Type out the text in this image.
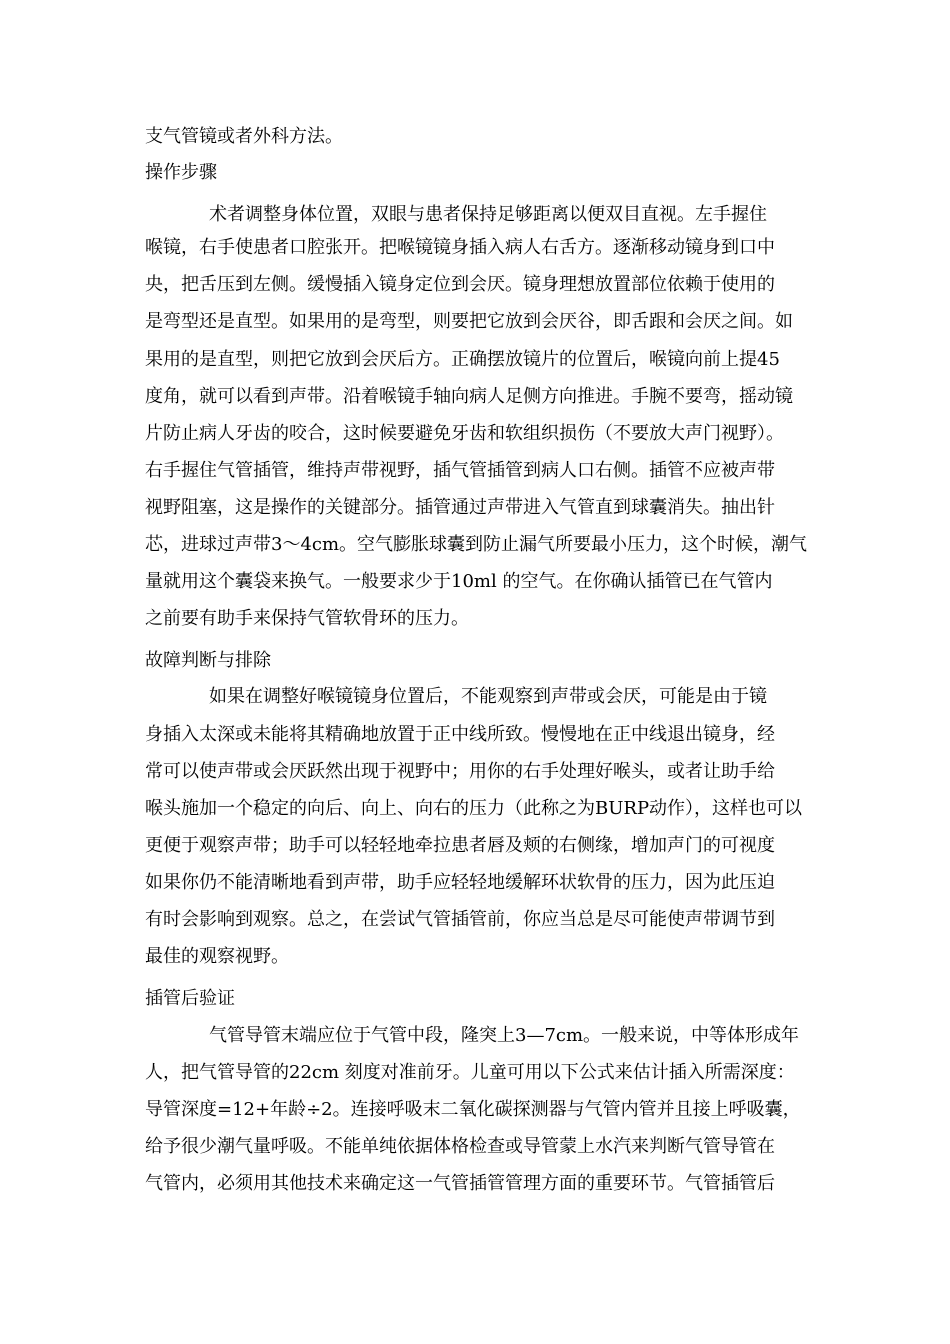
支气管镜或者外科方法。
操作步骤
术者调整身体位置，双眼与患者保持足够距离以便双目直视。左手握住
喉镜，右手使患者口腔张开。把喉镜镜身插入病人右舌方。逐渐移动镜身到口中
央，把舌压到左侧。缓慢插入镜身定位到会厌。镜身理想放置部位依赖于使用的
是弯型还是直型。如果用的是弯型，则要把它放到会厌谷，即舌跟和会厌之间。如
果用的是直型，则把它放到会厌后方。正确摆放镜片的位置后，喉镜向前上提45
度角，就可以看到声带。沿着喉镜手轴向病人足侧方向推进。手腕不要弯，摇动镜
片防止病人牙齿的咬合，这时候要避免牙齿和软组织损伤（不要放大声门视野）。
右手握住气管插管，维持声带视野，插气管插管到病人口右侧。插管不应被声带
视野阻塞，这是操作的关键部分。插管通过声带进入气管直到球囊消失。抽出针
芯，进球过声带3～4cm。空气膨胀球囊到防止漏气所要最小压力，这个时候，潮气
量就用这个囊袋来换气。一般要求少于10ml 的空气。在你确认插管已在气管内
之前要有助手来保持气管软骨环的压力。
故障判断与排除
如果在调整好喉镜镜身位置后，不能观察到声带或会厌，可能是由于镜
身插入太深或未能将其精确地放置于正中线所致。慢慢地在正中线退出镜身，经
常可以使声带或会厌跃然出现于视野中；用你的右手处理好喉头，或者让助手给
喉头施加一个稳定的向后、向上、向右的压力（此称之为BURP动作），这样也可以
更便于观察声带；助手可以轻轻地牵拉患者唇及颊的右侧缘，增加声门的可视度
如果你仍不能清晰地看到声带，助手应轻轻地缓解环状软骨的压力，因为此压迫
有时会影响到观察。总之，在尝试气管插管前，你应当总是尽可能使声带调节到
最佳的观察视野。
插管后验证
气管导管末端应位于气管中段，隆突上3—7cm。一般来说，中等体形成年
人，把气管导管的22cm 刻度对准前牙。儿童可用以下公式来估计插入所需深度：
导管深度=12+年龄÷2。连接呼吸末二氧化碳探测器与气管内管并且接上呼吸囊，
给予很少潮气量呼吸。不能单纯依据体格检查或导管蒙上水汽来判断气管导管在
气管内，必须用其他技术来确定这一气管插管管理方面的重要环节。气管插管后
